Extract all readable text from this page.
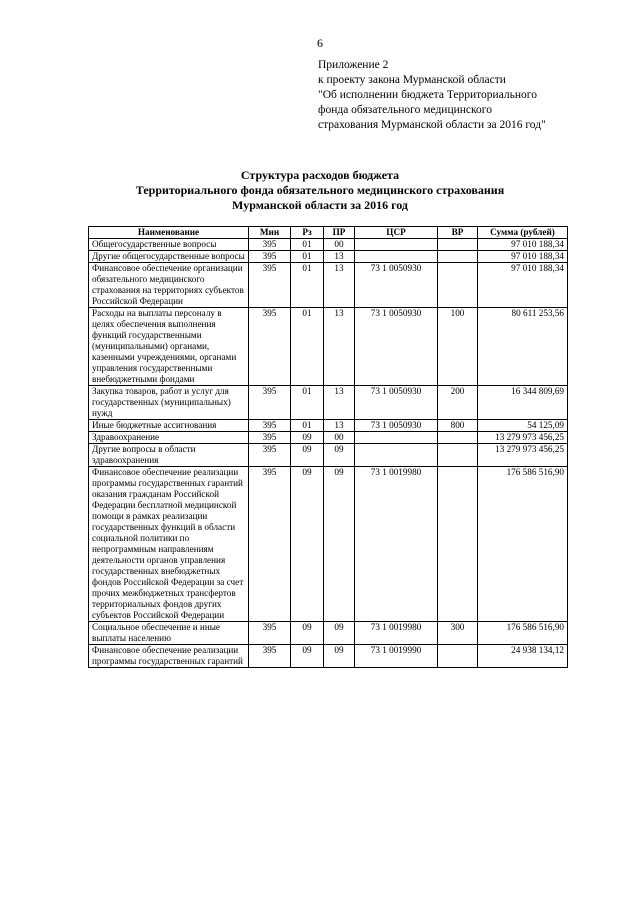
6
Приложение 2
к проекту закона Мурманской области
"Об исполнении бюджета Территориального
фонда обязательного медицинского
страхования Мурманской области за 2016 год"
Структура расходов бюджета
Территориального фонда обязательного медицинского страхования
Мурманской области за 2016 год
Наименование	Мин	Рз	ПР	ЦСР	ВР	Сумма (рублей)
Общегосударственные вопросы	395	01	00			97 010 188,34
Другие общегосударственные вопросы	395	01	13			97 010 188,34
Финансовое обеспечение организации обязательного медицинского страхования на территориях субъектов Российской Федерации	395	01	13	73 1 0050930		97 010 188,34
Расходы на выплаты персоналу в целях обеспечения выполнения функций государственными (муниципальными) органами, казенными учреждениями, органами управления государственными внебюджетными фондами	395	01	13	73 1 0050930	100	80 611 253,56
Закупка товаров, работ и услуг для государственных (муниципальных) нужд	395	01	13	73 1 0050930	200	16 344 809,69
Иные бюджетные ассигнования	395	01	13	73 1 0050930	800	54 125,09
Здравоохранение	395	09	00			13 279 973 456,25
Другие вопросы в области здравоохранения	395	09	09			13 279 973 456,25
Финансовое обеспечение реализации программы государственных гарантий оказания гражданам Российской Федерации бесплатной медицинской помощи в рамках реализации государственных функций в области социальной политики по непрограммным направлениям деятельности органов управления государственных внебюджетных фондов Российской Федерации за счет прочих межбюджетных трансфертов территориальных фондов других субъектов Российской Федерации	395	09	09	73 1 0019980		176 586 516,90
Социальное обеспечение и иные выплаты населению	395	09	09	73 1 0019980	300	176 586 516,90
Финансовое обеспечение реализации программы государственных гарантий	395	09	09	73 1 0019990		24 938 134,12
